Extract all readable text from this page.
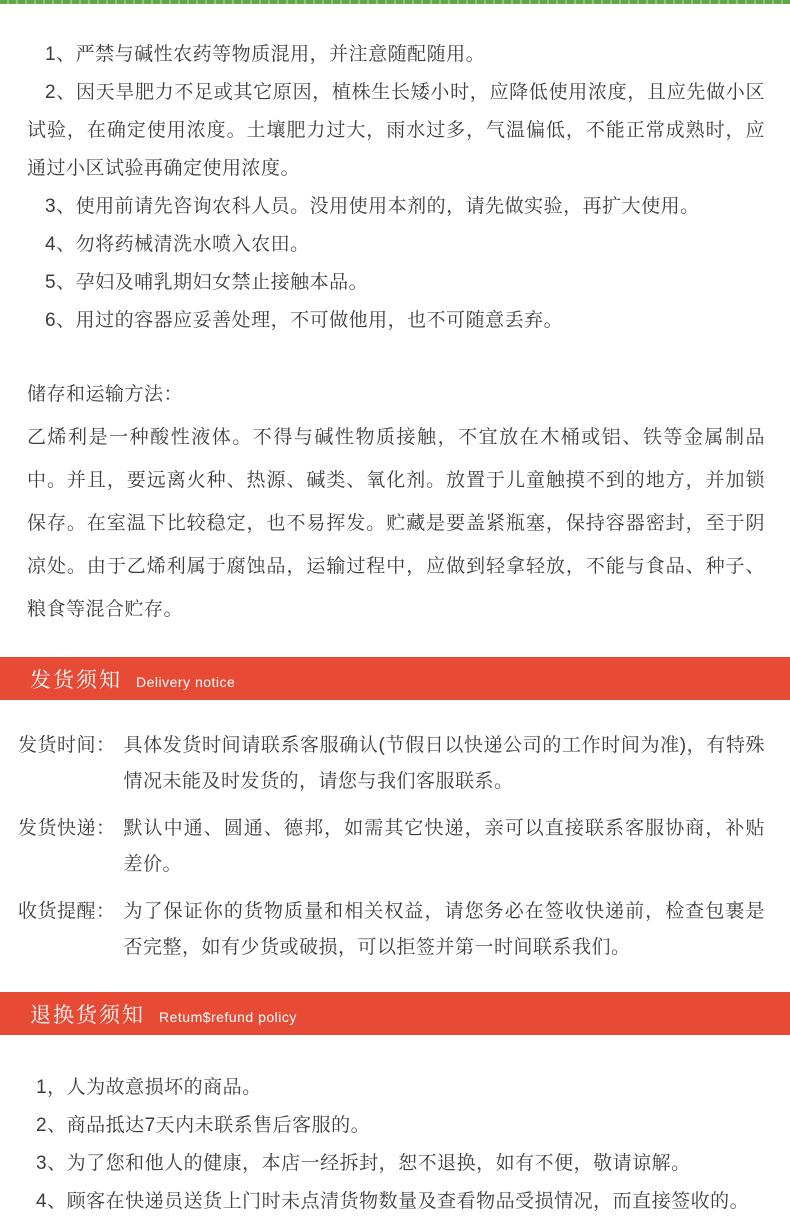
1、严禁与碱性农药等物质混用，并注意随配随用。

2、因天旱肥力不足或其它原因，植株生长矮小时，应降低使用浓度，且应先做小区试验，在确定使用浓度。土壤肥力过大，雨水过多，气温偏低，不能正常成熟时，应通过小区试验再确定使用浓度。

3、使用前请先咨询农科人员。没用使用本剂的，请先做实验，再扩大使用。

4、勿将药械清洗水喷入农田。

5、孕妇及哺乳期妇女禁止接触本品。

6、用过的容器应妥善处理，不可做他用，也不可随意丢弃。

储存和运输方法：

乙烯利是一种酸性液体。不得与碱性物质接触，不宜放在木桶或铝、铁等金属制品中。并且，要远离火种、热源、碱类、氧化剂。放置于儿童触摸不到的地方，并加锁保存。在室温下比较稳定，也不易挥发。贮藏是要盖紧瓶塞，保持容器密封，至于阴凉处。由于乙烯利属于腐蚀品，运输过程中，应做到轻拿轻放，不能与食品、种子、粮食等混合贮存。

发货须知 Delivery notice
发货时间： 具体发货时间请联系客服确认(节假日以快递公司的工作时间为准)，有特殊情况未能及时发货的，请您与我们客服联系。
发货快递： 默认中通、圆通、德邦，如需其它快递，亲可以直接联系客服协商，补贴差价。
收货提醒： 为了保证你的货物质量和相关权益，请您务必在签收快递前，检查包裹是否完整，如有少货或破损，可以拒签并第一时间联系我们。
退换货须知 Retum$refund policy

1，人为故意损坏的商品。

2、商品抵达7天内未联系售后客服的。

3、为了您和他人的健康，本店一经拆封，恕不退换，如有不便，敬请谅解。

4、顾客在快递员送货上门时未点清货物数量及查看物品受损情况，而直接签收的。
